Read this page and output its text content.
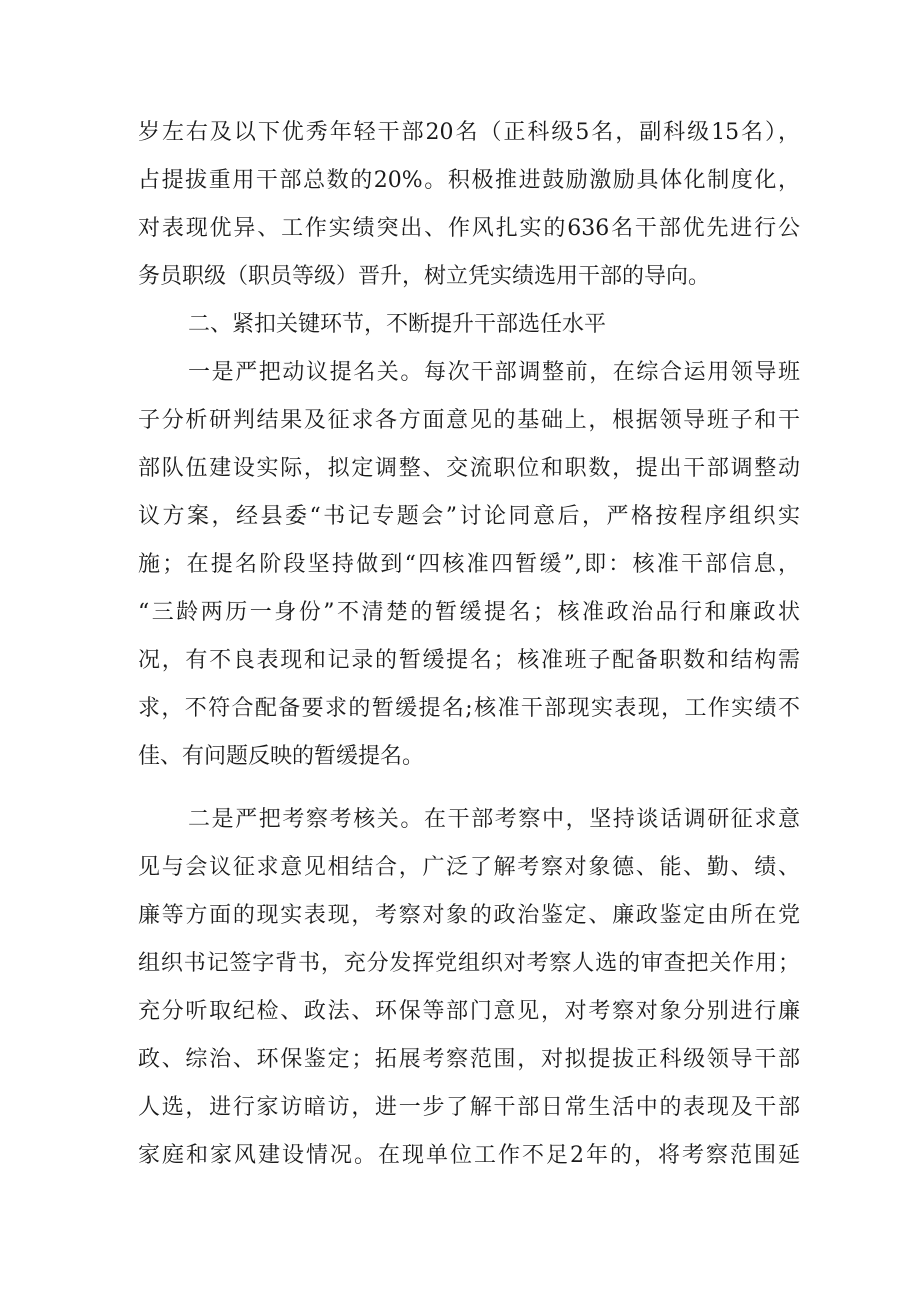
岁左右及以下优秀年轻干部20名（正科级5名，副科级15名），
占提拔重用干部总数的20%。积极推进鼓励激励具体化制度化，
对表现优异、工作实绩突出、作风扎实的636名干部优先进行公
务员职级（职员等级）晋升，树立凭实绩选用干部的导向。
二、紧扣关键环节，不断提升干部选任水平
一是严把动议提名关。每次干部调整前，在综合运用领导班
子分析研判结果及征求各方面意见的基础上，根据领导班子和干
部队伍建设实际，拟定调整、交流职位和职数，提出干部调整动
议方案，经县委“书记专题会”讨论同意后，严格按程序组织实
施；在提名阶段坚持做到“四核准四暂缓”,即：核准干部信息，
“三龄两历一身份”不清楚的暂缓提名；核准政治品行和廉政状
况，有不良表现和记录的暂缓提名；核准班子配备职数和结构需
求，不符合配备要求的暂缓提名;核准干部现实表现，工作实绩不
佳、有问题反映的暂缓提名。
二是严把考察考核关。在干部考察中，坚持谈话调研征求意
见与会议征求意见相结合，广泛了解考察对象德、能、勤、绩、
廉等方面的现实表现，考察对象的政治鉴定、廉政鉴定由所在党
组织书记签字背书，充分发挥党组织对考察人选的审查把关作用；
充分听取纪检、政法、环保等部门意见，对考察对象分别进行廉
政、综治、环保鉴定；拓展考察范围，对拟提拔正科级领导干部
人选，进行家访暗访，进一步了解干部日常生活中的表现及干部
家庭和家风建设情况。在现单位工作不足2年的，将考察范围延
